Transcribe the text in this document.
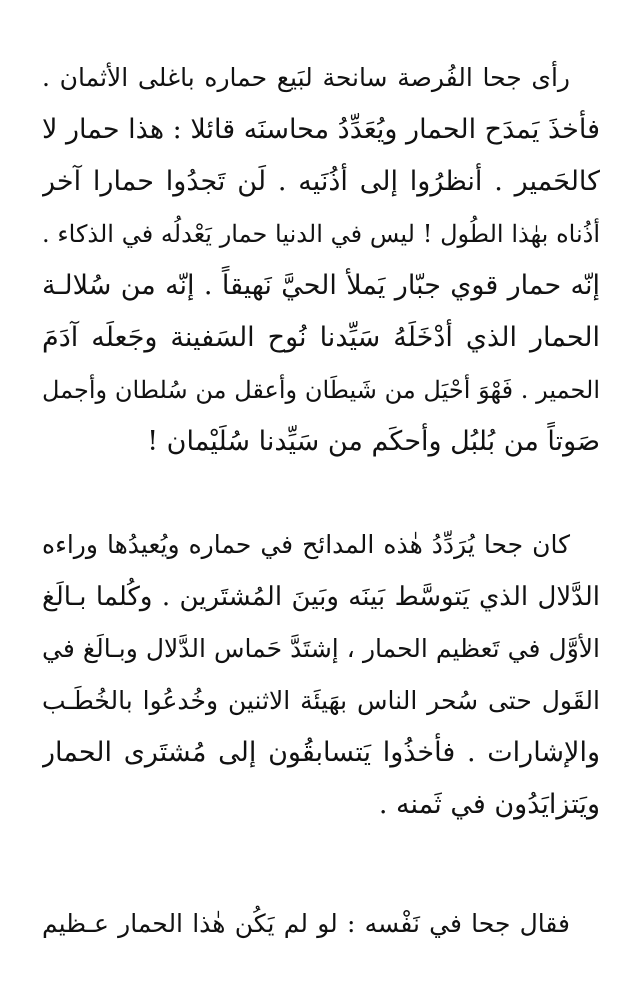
رأى جحا الفُرصة سانحة لبَيع حماره باغلى الأثمان .
فأخذَ يَمدَح الحمار ويُعَدِّدُ محاسنَه قائلا : هذا حمار لا
كالحَمير . أنظرُوا إلى أذُنَيه . لَن تَجدُوا حمارا آخر
أذُناه بهٰذا الطُول ! ليس في الدنيا حمار يَعْدلُه في الذكاء .
إنّه حمار قوي جبّار يَملأ الحيَّ نَهيقاً . إنّه من سُلالـة
الحمار الذي أدْخَلَهُ سَيِّدنا نُوح السَفينة وجَعلَه آدَمَ
الحمير . فَهْوَ أحْيَل من شَيطَان وأعقل من سُلطان وأجمل
صَوتاً من بُلبُل وأحكَم من سَيِّدنا سُلَيْمان !
كان جحا يُرَدِّدُ هٰذه المدائح في حماره ويُعيدُها وراءه
الدَّلال الذي يَتوسَّط بَينَه وبَينَ المُشتَرين . وكُلما بـالَغ
الأوَّل في تَعظيم الحمار ، إشتَدَّ حَماس الدَّلال وبـالَغ في
القَول حتى سُحر الناس بهَيئَة الاثنين وخُدعُوا بالخُطَـب
والإشارات . فأخذُوا يَتسابقُون إلى مُشتَرى الحمار
ويَتزايَدُون في ثَمنه .
فقال جحا في نَفْسه : لو لم يَكُن هٰذا الحمار عـظيم
